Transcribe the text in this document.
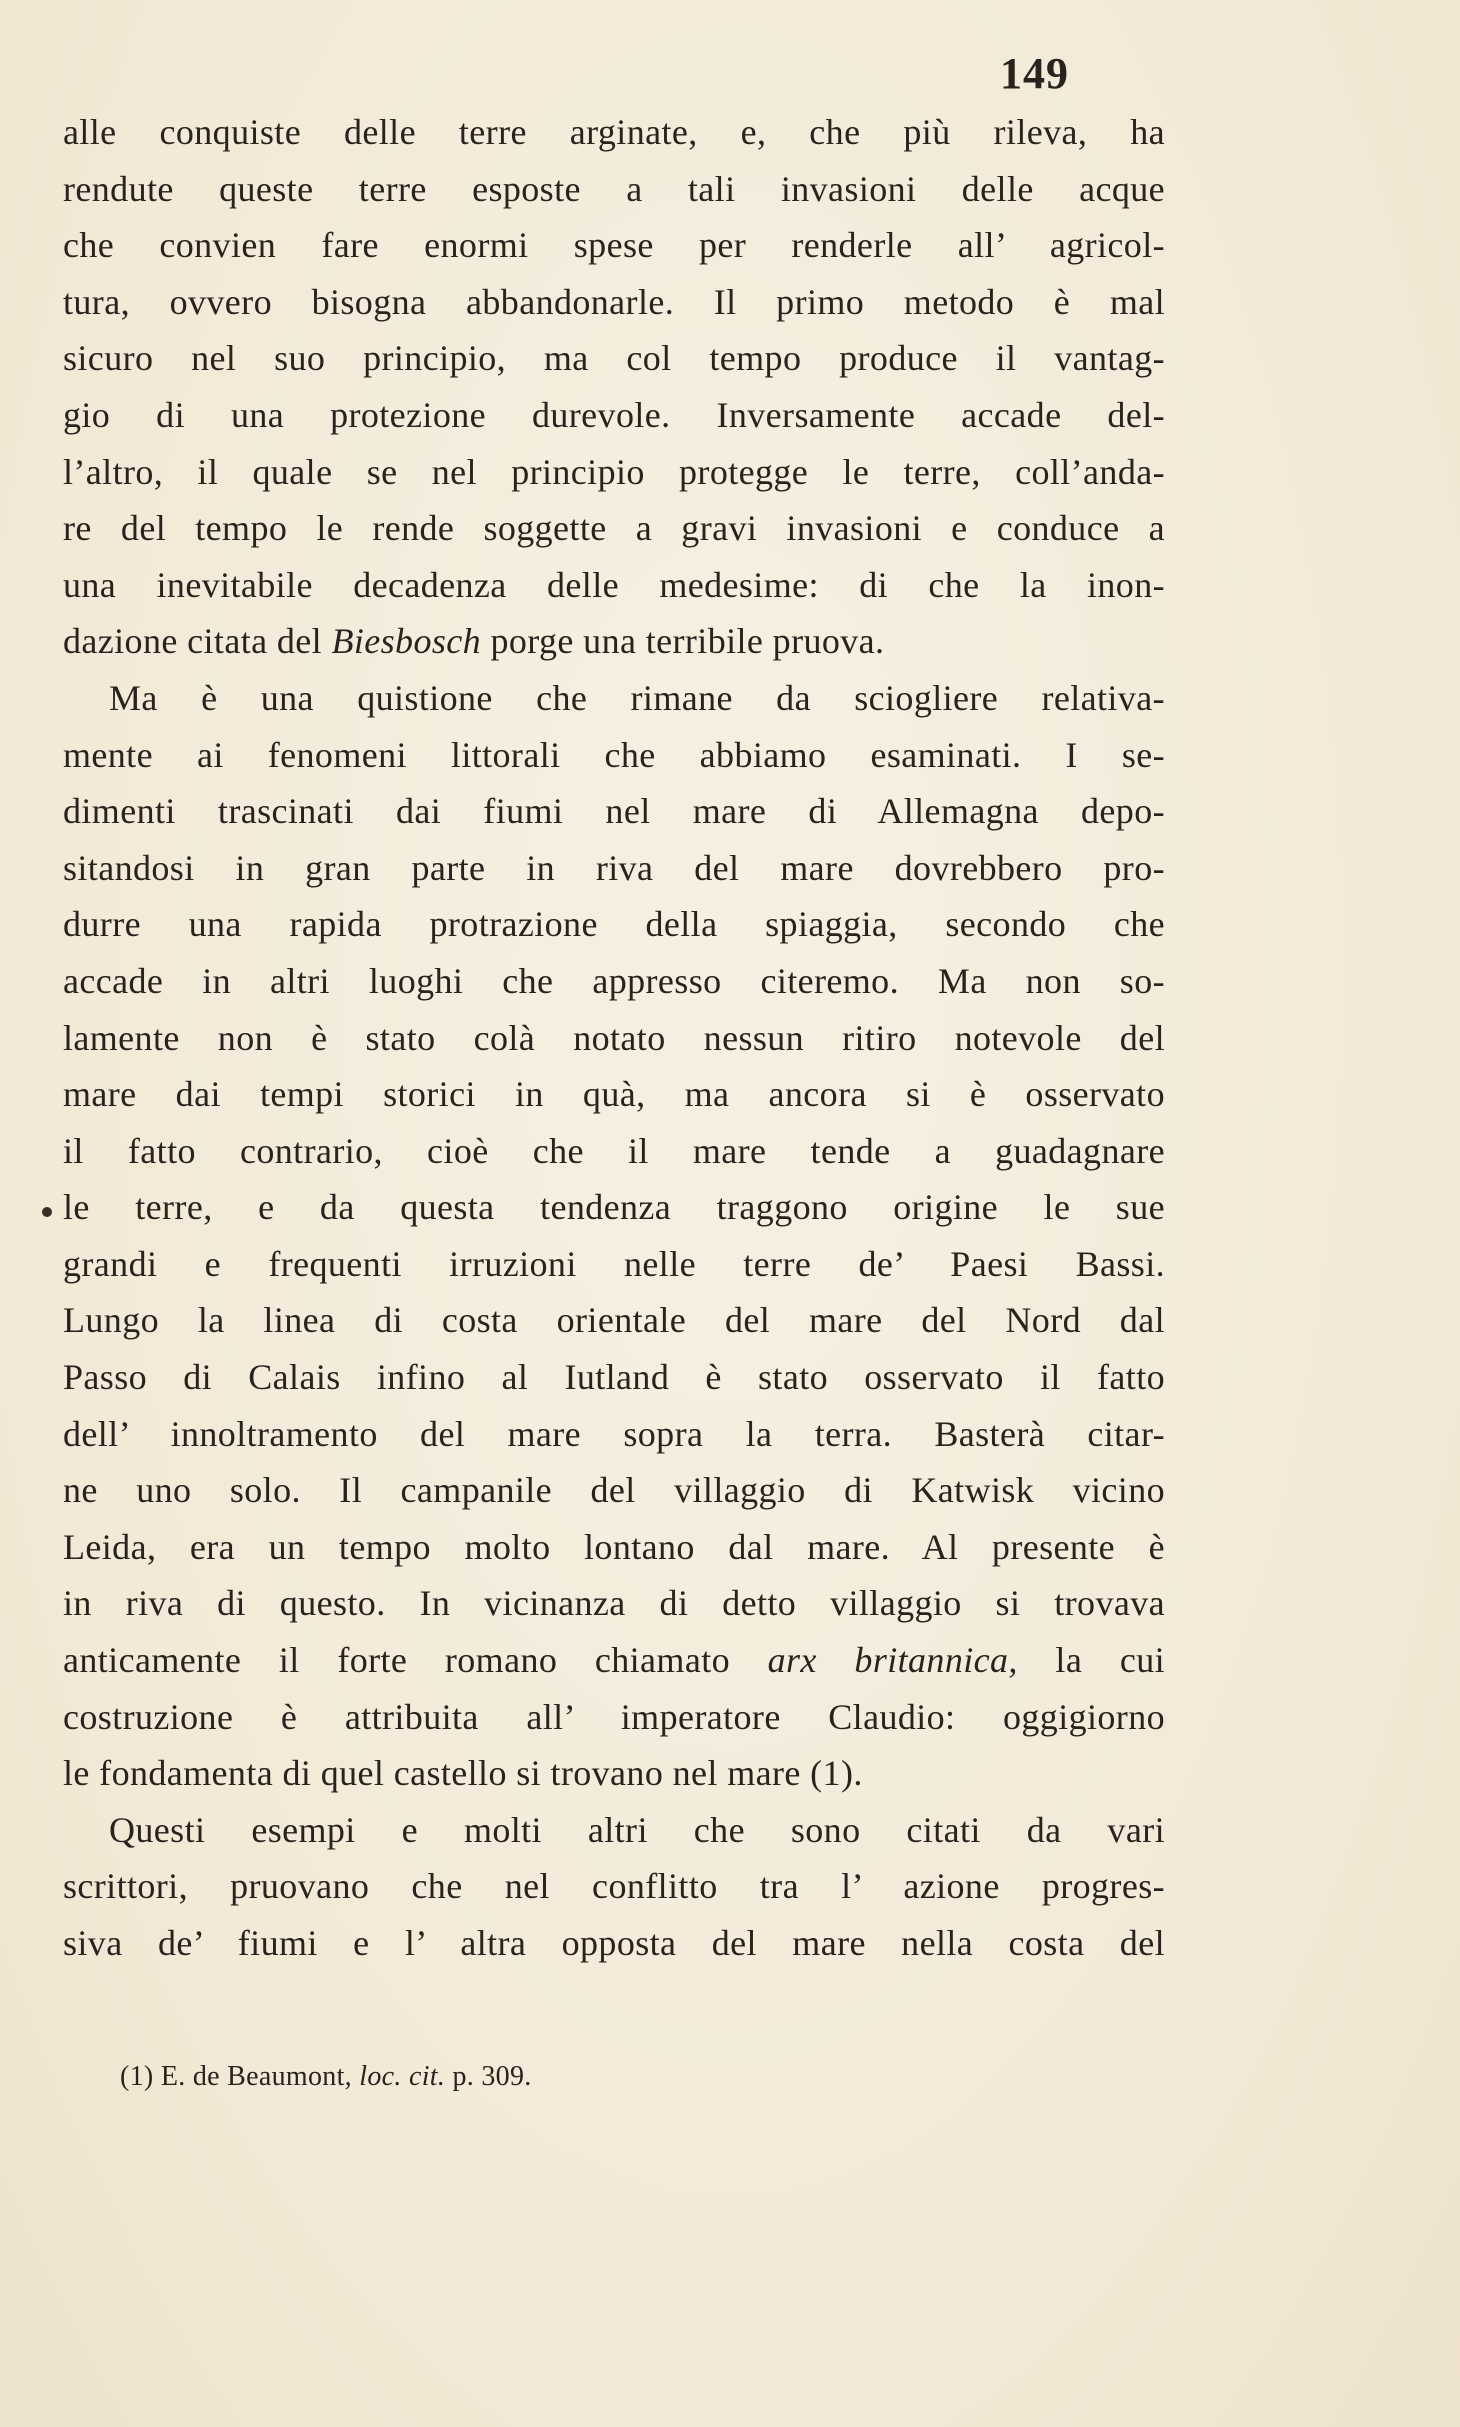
149
alle conquiste delle terre arginate, e, che più rileva, ha
rendute queste terre esposte a tali invasioni delle acque
che convien fare enormi spese per renderle all’ agricol-
tura, ovvero bisogna abbandonarle. Il primo metodo è mal
sicuro nel suo principio, ma col tempo produce il vantag-
gio di una protezione durevole. Inversamente accade del-
l’altro, il quale se nel principio protegge le terre, coll’anda-
re del tempo le rende soggette a gravi invasioni e conduce a
una inevitabile decadenza delle medesime: di che la inon-
dazione citata del Biesbosch porge una terribile pruova.
Ma è una quistione che rimane da sciogliere relativa-
mente ai fenomeni littorali che abbiamo esaminati. I se-
dimenti trascinati dai fiumi nel mare di Allemagna depo-
sitandosi in gran parte in riva del mare dovrebbero pro-
durre una rapida protrazione della spiaggia, secondo che
accade in altri luoghi che appresso citeremo. Ma non so-
lamente non è stato colà notato nessun ritiro notevole del
mare dai tempi storici in quà, ma ancora si è osservato
il fatto contrario, cioè che il mare tende a guadagnare
le terre, e da questa tendenza traggono origine le sue
grandi e frequenti irruzioni nelle terre de’ Paesi Bassi.
Lungo la linea di costa orientale del mare del Nord dal
Passo di Calais infino al Iutland è stato osservato il fatto
dell’ innoltramento del mare sopra la terra. Basterà citar-
ne uno solo. Il campanile del villaggio di Katwisk vicino
Leida, era un tempo molto lontano dal mare. Al presente è
in riva di questo. In vicinanza di detto villaggio si trovava
anticamente il forte romano chiamato arx britannica, la cui
costruzione è attribuita all’ imperatore Claudio: oggigiorno
le fondamenta di quel castello si trovano nel mare (1).
Questi esempi e molti altri che sono citati da vari
scrittori, pruovano che nel conflitto tra l’ azione progres-
siva de’ fiumi e l’ altra opposta del mare nella costa del
(1) E. de Beaumont, loc. cit. p. 309.
